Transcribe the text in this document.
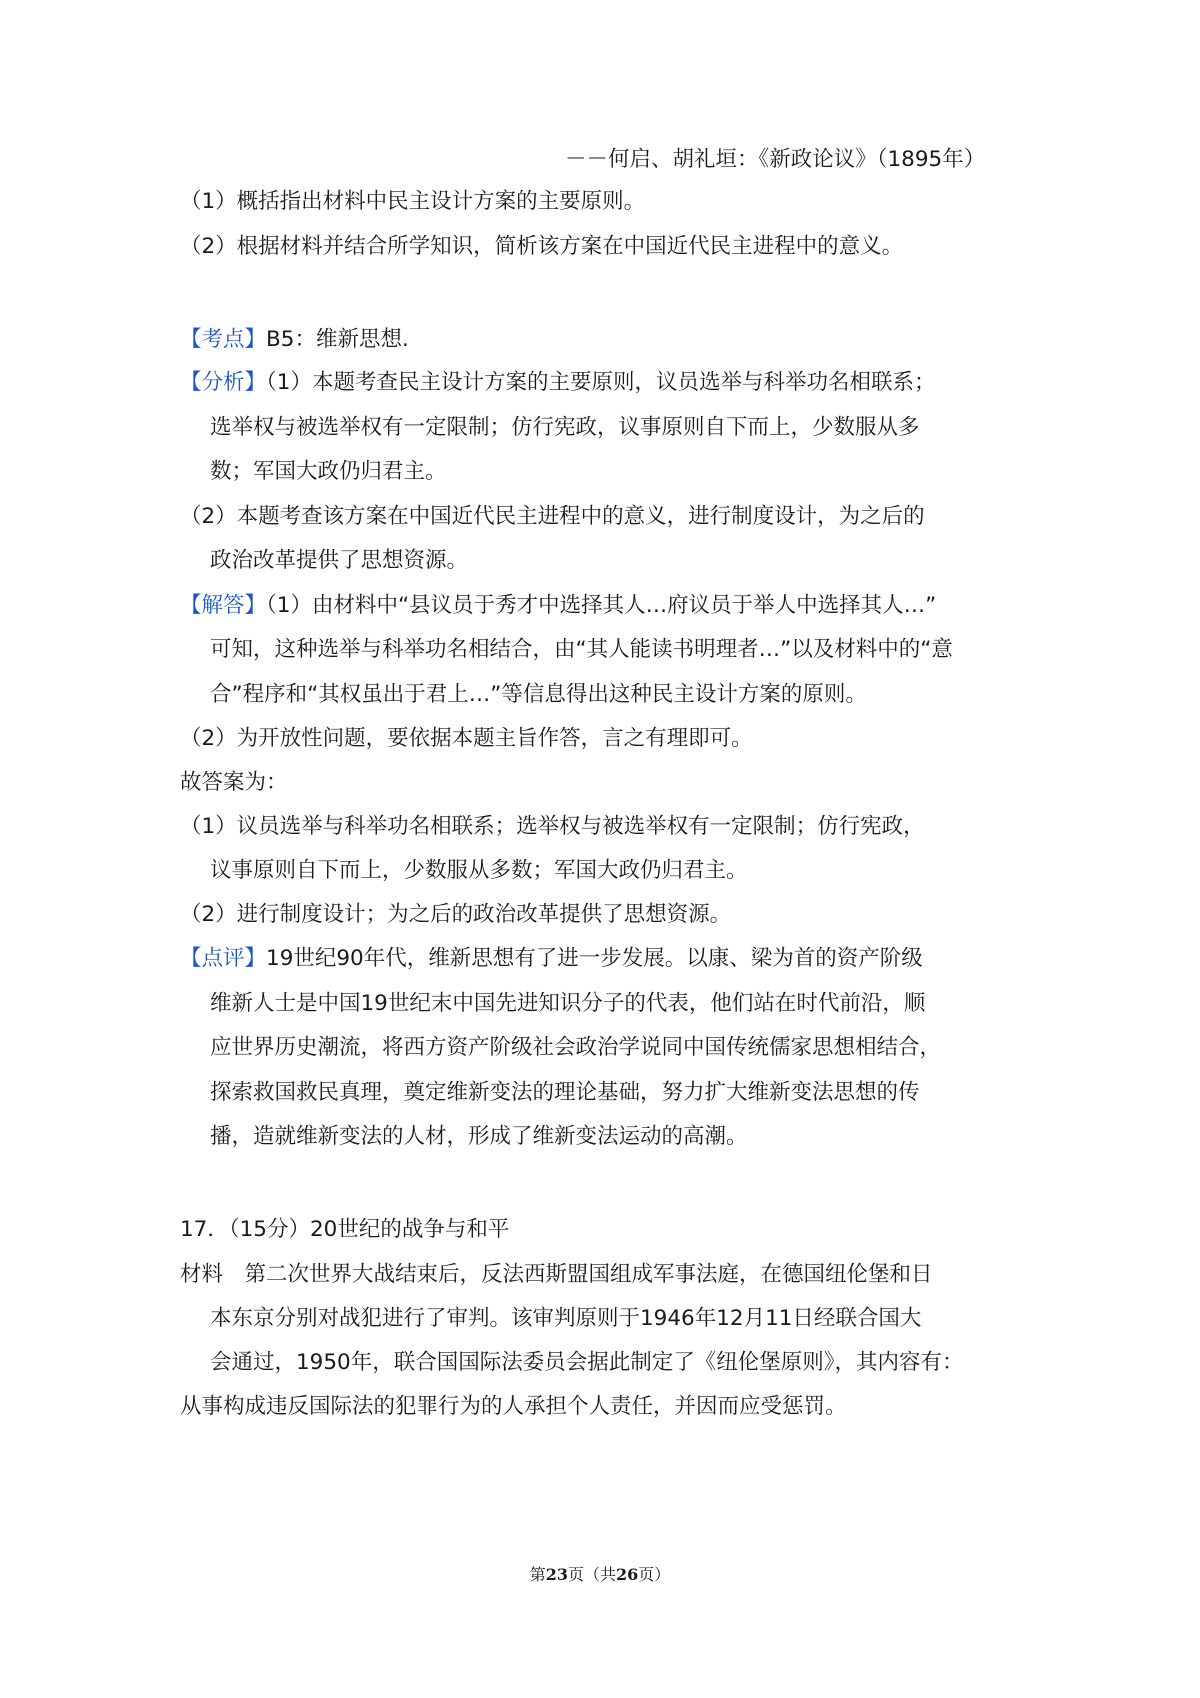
－－何启、胡礼垣：《新政论议》（1895年）
（1）概括指出材料中民主设计方案的主要原则。
（2）根据材料并结合所学知识，简析该方案在中国近代民主进程中的意义。
【考点】B5：维新思想.
【分析】（1）本题考查民主设计方案的主要原则，议员选举与科举功名相联系；
选举权与被选举权有一定限制；仿行宪政，议事原则自下而上，少数服从多
数；军国大政仍归君主。
（2）本题考查该方案在中国近代民主进程中的意义，进行制度设计，为之后的
政治改革提供了思想资源。
【解答】（1）由材料中“县议员于秀才中选择其人…府议员于举人中选择其人…”
可知，这种选举与科举功名相结合，由“其人能读书明理者…”以及材料中的“意
合”程序和“其权虽出于君上…”等信息得出这种民主设计方案的原则。
（2）为开放性问题，要依据本题主旨作答，言之有理即可。
故答案为：
（1）议员选举与科举功名相联系；选举权与被选举权有一定限制；仿行宪政，
议事原则自下而上，少数服从多数；军国大政仍归君主。
（2）进行制度设计；为之后的政治改革提供了思想资源。
【点评】19世纪90年代，维新思想有了进一步发展。以康、梁为首的资产阶级
维新人士是中国19世纪末中国先进知识分子的代表，他们站在时代前沿，顺
应世界历史潮流，将西方资产阶级社会政治学说同中国传统儒家思想相结合，
探索救国救民真理，奠定维新变法的理论基础，努力扩大维新变法思想的传
播，造就维新变法的人材，形成了维新变法运动的高潮。
17．（15分）20世纪的战争与和平
材料　第二次世界大战结束后，反法西斯盟国组成军事法庭，在德国纽伦堡和日
本东京分别对战犯进行了审判。该审判原则于1946年12月11日经联合国大
会通过，1950年，联合国国际法委员会据此制定了《纽伦堡原则》，其内容有：
从事构成违反国际法的犯罪行为的人承担个人责任，并因而应受惩罚。
第23页（共26页）
